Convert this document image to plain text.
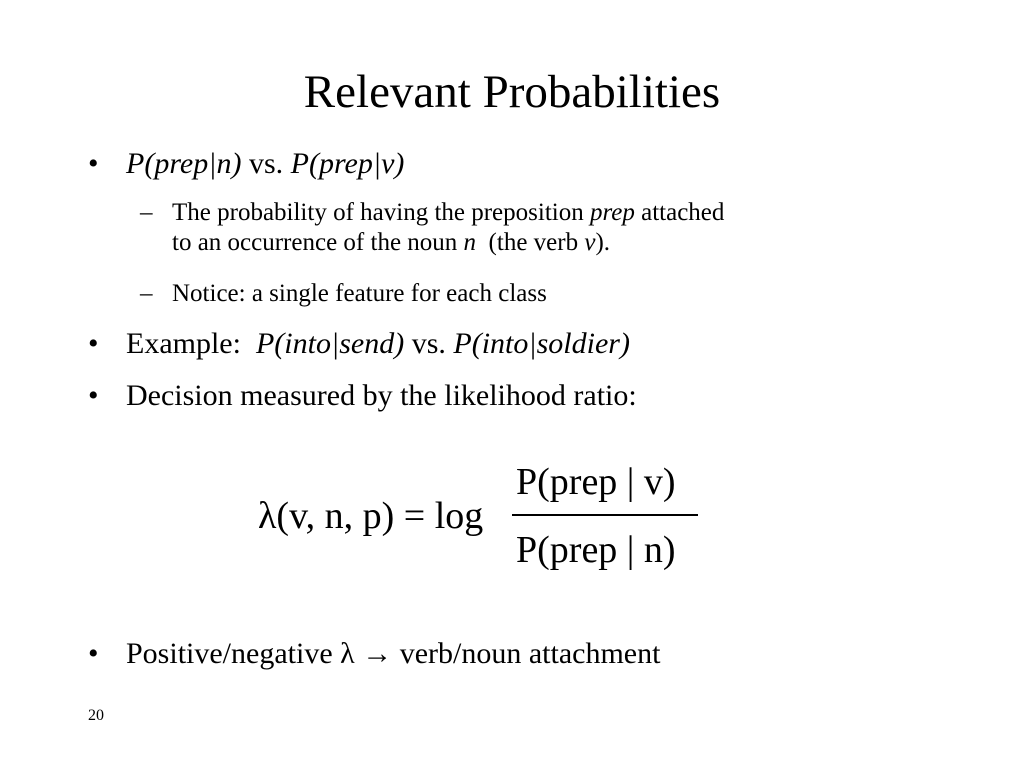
Relevant Probabilities
• P(prep|n) vs. P(prep|v)
– The probability of having the preposition prep attached
to an occurrence of the noun n  (the verb v).
– Notice: a single feature for each class
• Example:  P(into|send) vs. P(into|soldier)
• Decision measured by the likelihood ratio:
λ(v, n, p) = log
P(prep | v)
P(prep | n)
• Positive/negative λ → verb/noun attachment
20
